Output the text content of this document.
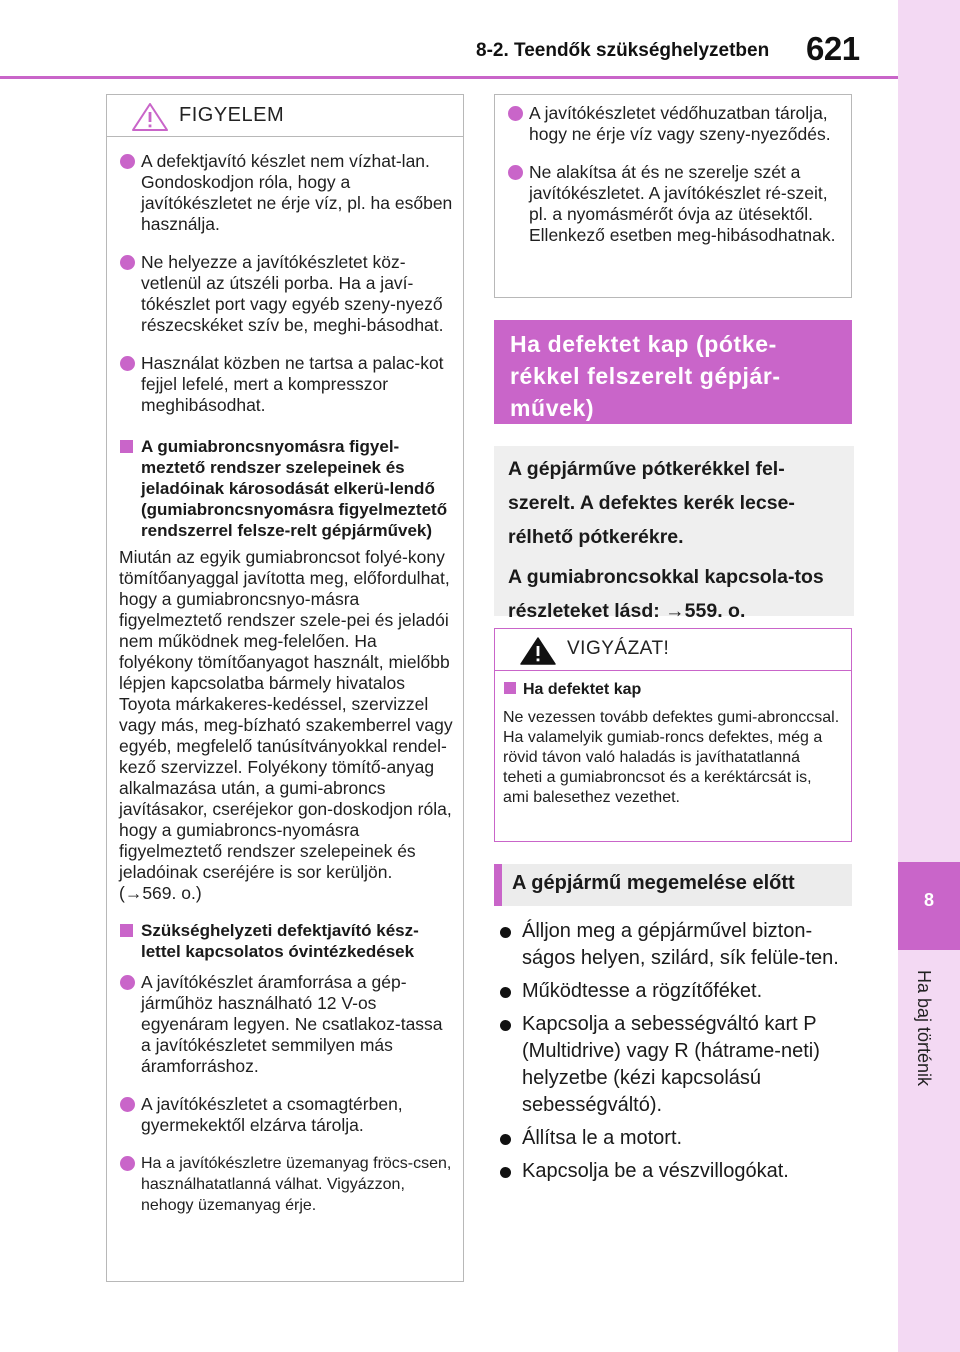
8-2. Teendők szükséghelyzetben 621
8
Ha baj történik
FIGYELEM
A defektjavító készlet nem vízhat-lan. Gondoskodjon róla, hogy a javítókészletet ne érje víz, pl. ha esőben használja.
Ne helyezze a javítókészletet köz-vetlenül az útszéli porba. Ha a javí-tókészlet port vagy egyéb szeny-nyező részecskéket szív be, meghi-básodhat.
Használat közben ne tartsa a palac-kot fejjel lefelé, mert a kompresszor meghibásodhat.
A gumiabroncsnyomásra figyel-meztető rendszer szelepeinek és jeladóinak károsodását elkerü-lendő (gumiabroncsnyomásra figyelmeztető rendszerrel felsze-relt gépjárművek)

Miután az egyik gumiabroncsot folyé-kony tömítőanyaggal javította meg, előfordulhat, hogy a gumiabroncsnyo-másra figyelmeztető rendszer szele-pei és jeladói nem működnek meg-felelően. Ha folyékony tömítőanyagot használt, mielőbb lépjen kapcsolatba bármely hivatalos Toyota márkakeres-kedéssel, szervizzel vagy más, meg-bízható szakemberrel vagy egyéb, megfelelő tanúsítványokkal rendel-kező szervizzel. Folyékony tömítő-anyag alkalmazása után, a gumi-abroncs javításakor, cseréjekor gon-doskodjon róla, hogy a gumiabroncs-nyomásra figyelmeztető rendszer szelepeinek és jeladóinak cseréjére is sor kerüljön. (→569. o.)

Szükséghelyzeti defektjavító kész-lettel kapcsolatos óvintézkedések
A javítókészlet áramforrása a gép-járműhöz használható 12 V-os egyenáram legyen. Ne csatlakoz-tassa a javítókészletet semmilyen más áramforráshoz.
A javítókészletet a csomagtérben, gyermekektől elzárva tárolja.
Ha a javítókészletre üzemanyag fröcs-csen, használhatatlanná válhat. Vigyázzon, nehogy üzemanyag érje.
A javítókészletet védőhuzatban tárolja, hogy ne érje víz vagy szeny-nyeződés.
Ne alakítsa át és ne szerelje szét a javítókészletet. A javítókészlet ré-szeit, pl. a nyomásmérőt óvja az ütésektől. Ellenkező esetben meg-hibásodhatnak.
Ha defektet kap (pótke-rékkel felszerelt gépjár-művek)

A gépjárműve pótkerékkel fel-szerelt. A defektes kerék lecse-rélhető pótkerékre.

A gumiabroncsokkal kapcsola-tos részleteket lásd: →559. o.

VIGYÁZAT!
Ha defektet kap

Ne vezessen tovább defektes gumi-abronccsal. Ha valamelyik gumiab-roncs defektes, még a rövid távon való haladás is javíthatatlanná teheti a gumiabroncsot és a keréktárcsát is, ami balesethez vezethet.

A gépjármű megemelése előtt
Álljon meg a gépjárművel bizton-ságos helyen, szilárd, sík felüle-ten.
Működtesse a rögzítőféket.
Kapcsolja a sebességváltó kart P (Multidrive) vagy R (hátrame-neti) helyzetbe (kézi kapcsolású sebességváltó).
Állítsa le a motort.
Kapcsolja be a vészvillogókat.
